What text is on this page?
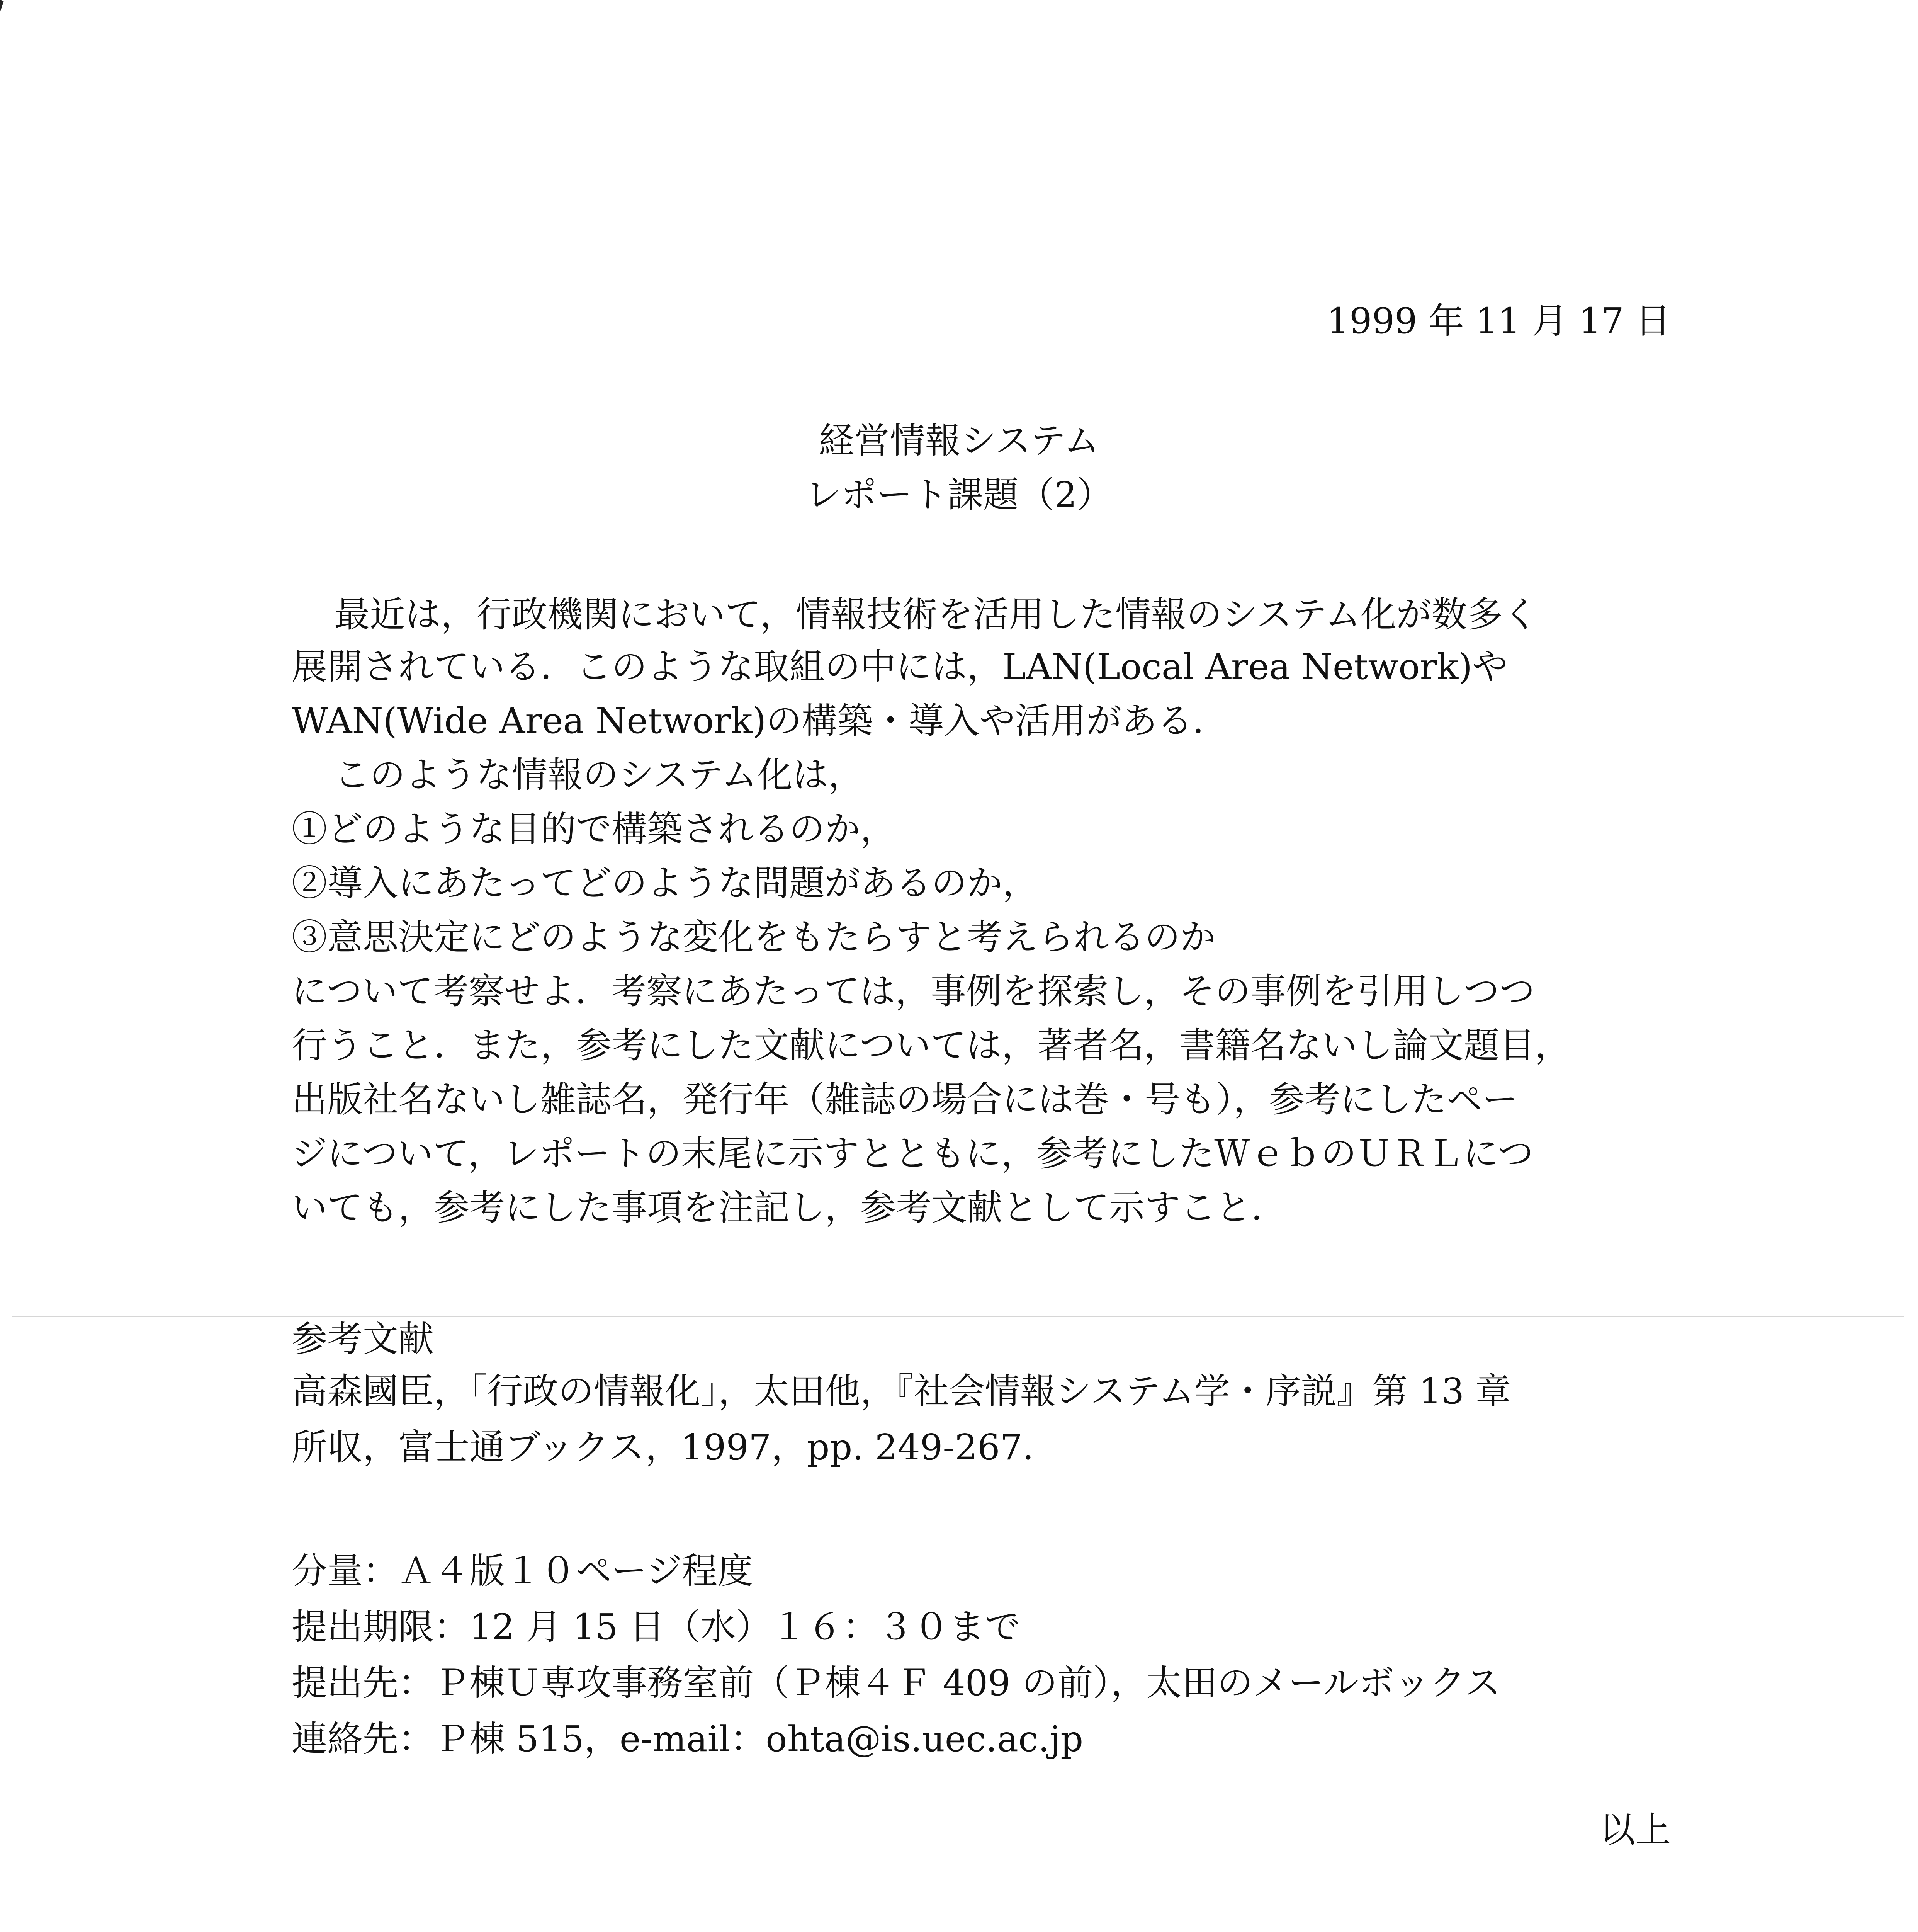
1999 年 11 月 17 日
経営情報システム
レポート課題（2）
最近は，行政機関において，情報技術を活用した情報のシステム化が数多く
展開されている．このような取組の中には，LAN(Local Area Network)や
WAN(Wide Area Network)の構築・導入や活用がある．
このような情報のシステム化は，
①どのような目的で構築されるのか，
②導入にあたってどのような問題があるのか，
③意思決定にどのような変化をもたらすと考えられるのか
について考察せよ．考察にあたっては，事例を探索し，その事例を引用しつつ
行うこと．また，参考にした文献については，著者名，書籍名ないし論文題目，
出版社名ないし雑誌名，発行年（雑誌の場合には巻・号も），参考にしたペー
ジについて，レポートの末尾に示すとともに，参考にしたＷｅｂのＵＲＬにつ
いても，参考にした事項を注記し，参考文献として示すこと．
参考文献
高森國臣，「行政の情報化」，太田他，『社会情報システム学・序説』第 13 章
所収，富士通ブックス，1997，pp. 249-267．
分量：Ａ４版１０ページ程度
提出期限：12 月 15 日（水）１６：３０まで
提出先：Ｐ棟Ｕ専攻事務室前（Ｐ棟４Ｆ 409 の前），太田のメールボックス
連絡先：Ｐ棟 515，e-mail：ohta@is.uec.ac.jp
以上
